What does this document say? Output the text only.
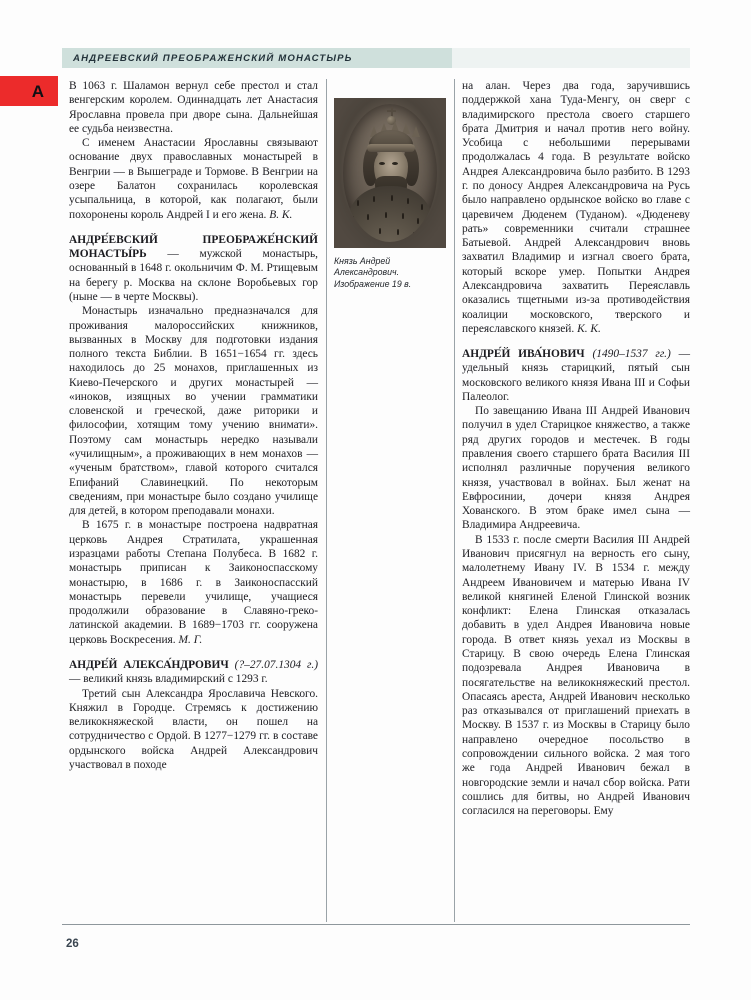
АНДРЕЕВСКИЙ ПРЕОБРАЖЕНСКИЙ МОНАСТЫРЬ
А	В 1063 г. Шаламон вернул себе престол и стал венгерским королем. Одиннадцать лет Анастасия Ярославна провела при дворе сына. Дальнейшая ее судьба неизвестна.

С именем Анастасии Ярославны связывают основание двух православных монастырей в Венгрии — в Вышеграде и Тормове. В Венгрии на озере Балатон сохранилась королевская усыпальница, в которой, как полагают, были похоронены король Андрей I и его жена. В. К.

АНДРЕ́ЕВСКИЙ ПРЕОБРАЖЕ́НСКИЙ МОНАСТЫ́РЬ — мужской монастырь, основанный в 1648 г. окольничим Ф. М. Ртищевым на берегу р. Москва на склоне Воробьевых гор (ныне — в черте Москвы).

Монастырь изначально предназначался для проживания малороссийских книжников, вызванных в Москву для подготовки издания полного текста Библии. В 1651−1654 гг. здесь находилось до 25 монахов, приглашенных из Киево-Печерского и других монастырей — «иноков, изящных во учении грамматики словенской и греческой, даже риторики и философии, хотящим тому учению внимати». Поэтому сам монастырь нередко называли «училищным», а проживающих в нем монахов — «ученым братством», главой которого считался Епифаний Славинецкий. По некоторым сведениям, при монастыре было создано училище для детей, в котором преподавали монахи.

В 1675 г. в монастыре построена надвратная церковь Андрея Стратилата, украшенная изразцами работы Степана Полубеса. В 1682 г. монастырь приписан к Заиконоспасскому монастырю, в 1686 г. в Заиконоспасский монастырь перевели училище, учащиеся продолжили образование в Славяно-греко-латинской академии. В 1689−1703 гг. сооружена церковь Воскресения. М. Г.

АНДРЕ́Й АЛЕКСА́НДРОВИЧ (?–27.07.1304 г.) — великий князь владимирский с 1293 г.

Третий сын Александра Ярославича Невского. Княжил в Городце. Стремясь к достижению великокняжеской власти, он пошел на сотрудничество с Ордой. В 1277−1279 гг. в составе ордынского войска Андрей Александрович участвовал в походе

Князь Андрей
Александрович.
Изображение 19 в.

на алан. Через два года, заручившись поддержкой хана Туда-Менгу, он сверг с владимирского престола своего старшего брата Дмитрия и начал против него войну. Усобица с небольшими перерывами продолжалась 4 года. В результате войско Андрея Александровича было разбито. В 1293 г. по доносу Андрея Александровича на Русь было направлено ордынское войско во главе с царевичем Дюденем (Туданом). «Дюденеву рать» современники считали страшнее Батыевой. Андрей Александрович вновь захватил Владимир и изгнал своего брата, который вскоре умер. Попытки Андрея Александровича захватить Переяславль оказались тщетными из-за противодействия коалиции московского, тверского и переяславского князей. К. К.

АНДРЕ́Й ИВА́НОВИЧ (1490–1537 гг.) — удельный князь старицкий, пятый сын московского великого князя Ивана III и Софьи Палеолог.

По завещанию Ивана III Андрей Иванович получил в удел Старицкое княжество, а также ряд других городов и местечек. В годы правления своего старшего брата Василия III исполнял различные поручения великого князя, участвовал в войнах. Был женат на Евфросинии, дочери князя Андрея Хованского. В этом браке имел сына — Владимира Андреевича.

В 1533 г. после смерти Василия III Андрей Иванович присягнул на верность его сыну, малолетнему Ивану IV. В 1534 г. между Андреем Ивановичем и матерью Ивана IV великой княгиней Еленой Глинской возник конфликт: Елена Глинская отказалась добавить в удел Андрея Ивановича новые города. В ответ князь уехал из Москвы в Старицу. В свою очередь Елена Глинская подозревала Андрея Ивановича в посягательстве на великокняжеский престол. Опасаясь ареста, Андрей Иванович несколько раз отказывался от приглашений приехать в Москву. В 1537 г. из Москвы в Старицу было направлено очередное посольство в сопровождении сильного войска. 2 мая того же года Андрей Иванович бежал в новгородские земли и начал сбор войска. Рати сошлись для битвы, но Андрей Иванович согласился на переговоры. Ему

26
